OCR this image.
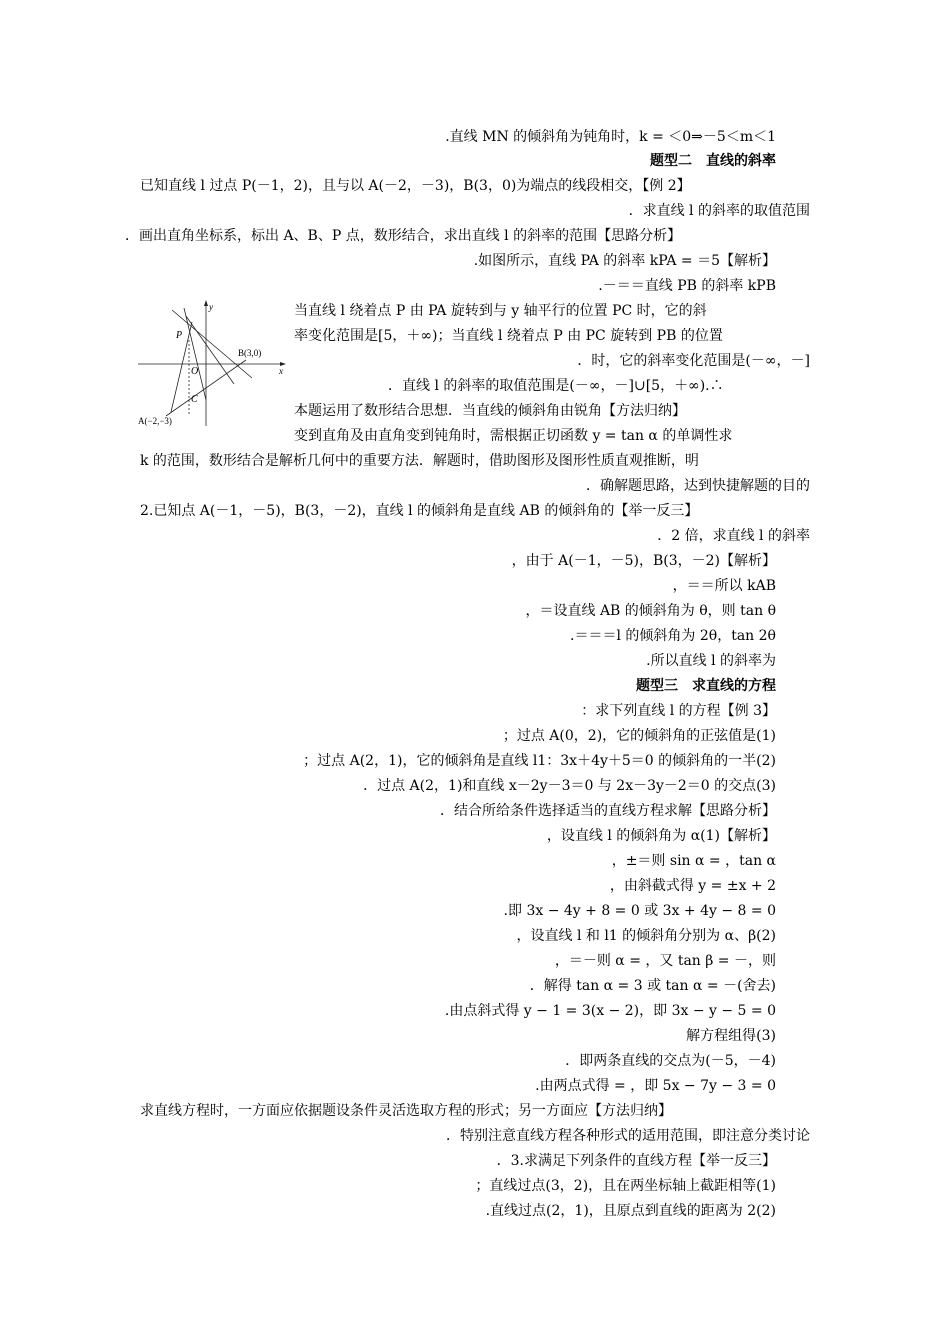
.直线 MN 的倾斜角为钝角时，k = ＜0⇒－5＜m＜1
题型二　直线的斜率
已知直线 l 过点 P(－1，2)，且与以 A(－2，－3)，B(3，0)为端点的线段相交，【例 2】
．求直线 l 的斜率的取值范围
．画出直角坐标系，标出 A、B、P 点，数形结合，求出直线 l 的斜率的范围【思路分析】
.如图所示，直线 PA 的斜率 kPA = ＝5【解析】
.－＝＝直线 PB 的斜率 kPB
当直线 l 绕着点 P 由 PA 旋转到与 y 轴平行的位置 PC 时，它的斜
率变化范围是[5，＋∞)；当直线 l 绕着点 P 由 PC 旋转到 PB 的位置
．时，它的斜率变化范围是(－∞，－]
．直线 l 的斜率的取值范围是(－∞，－]∪[5，＋∞).∴
本题运用了数形结合思想．当直线的倾斜角由锐角【方法归纳】
变到直角及由直角变到钝角时，需根据正切函数 y = tan α 的单调性求
k 的范围，数形结合是解析几何中的重要方法．解题时，借助图形及图形性质直观推断，明
．确解题思路，达到快捷解题的目的
2.已知点 A(－1，－5)，B(3，－2)，直线 l 的倾斜角是直线 AB 的倾斜角的【举一反三】
．2 倍，求直线 l 的斜率
，由于 A(－1，－5)，B(3，－2)【解析】
，＝＝所以 kAB
，＝设直线 AB 的倾斜角为 θ，则 tan θ
.＝＝＝l 的倾斜角为 2θ，tan 2θ
.所以直线 l 的斜率为
题型三　求直线的方程
：求下列直线 l 的方程【例 3】
；过点 A(0，2)，它的倾斜角的正弦值是(1)
；过点 A(2，1)，它的倾斜角是直线 l1：3x＋4y＋5＝0 的倾斜角的一半(2)
．过点 A(2，1)和直线 x－2y－3＝0 与 2x－3y－2＝0 的交点(3)
．结合所给条件选择适当的直线方程求解【思路分析】
，设直线 l 的倾斜角为 α(1)【解析】
，±＝则 sin α = ，tan α
，由斜截式得 y = ±x + 2
.即 3x − 4y + 8 = 0 或 3x + 4y − 8 = 0
，设直线 l 和 l1 的倾斜角分别为 α、β(2)
，＝－则 α = ，又 tan β = －，则
．解得 tan α = 3 或 tan α = －(舍去)
.由点斜式得 y − 1 = 3(x − 2)，即 3x − y − 5 = 0
解方程组得(3)
．即两条直线的交点为(－5，－4)
.由两点式得 = ，即 5x − 7y − 3 = 0
求直线方程时，一方面应依据题设条件灵活选取方程的形式；另一方面应【方法归纳】
．特别注意直线方程各种形式的适用范围，即注意分类讨论
．3.求满足下列条件的直线方程【举一反三】
；直线过点(3，2)，且在两坐标轴上截距相等(1)
.直线过点(2，1)，且原点到直线的距离为 2(2)
y
x
P
O
C
B(3,0)
A(−2,−3)
